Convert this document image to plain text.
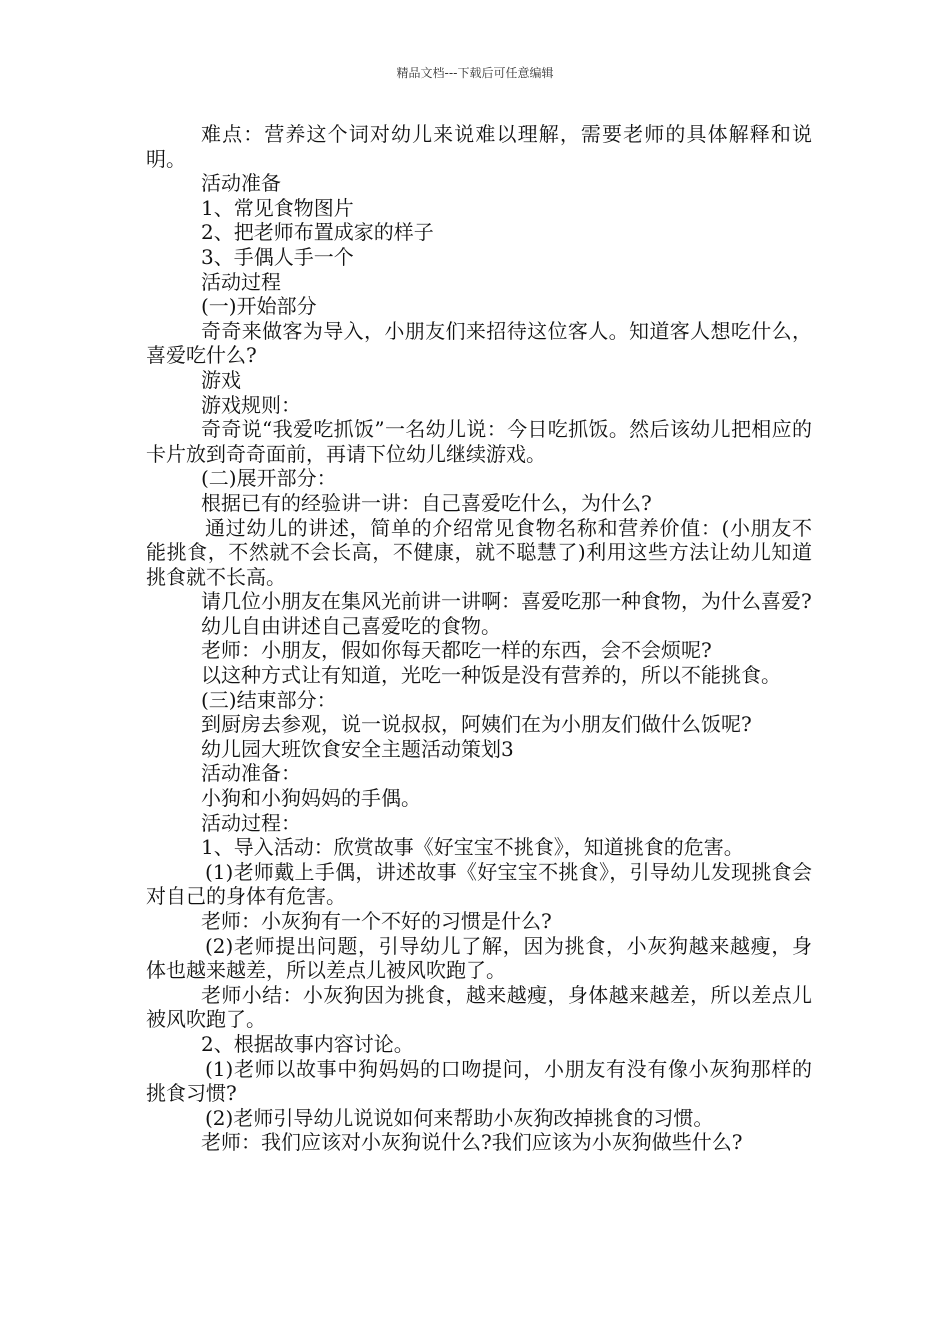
精品文档---下载后可任意编辑

难点：营养这个词对幼儿来说难以理解，需要老师的具体解释和说明。

活动准备

1、常见食物图片

2、把老师布置成家的样子

3、手偶人手一个

活动过程

(一)开始部分

奇奇来做客为导入，小朋友们来招待这位客人。知道客人想吃什么，喜爱吃什么?

游戏

游戏规则：

奇奇说“我爱吃抓饭”一名幼儿说：今日吃抓饭。然后该幼儿把相应的卡片放到奇奇面前，再请下位幼儿继续游戏。

(二)展开部分：

根据已有的经验讲一讲：自己喜爱吃什么，为什么?

通过幼儿的讲述，简单的介绍常见食物名称和营养价值：(小朋友不能挑食，不然就不会长高，不健康，就不聪慧了)利用这些方法让幼儿知道挑食就不长高。

请几位小朋友在集风光前讲一讲啊：喜爱吃那一种食物，为什么喜爱?

幼儿自由讲述自己喜爱吃的食物。

老师：小朋友，假如你每天都吃一样的东西，会不会烦呢?

以这种方式让有知道，光吃一种饭是没有营养的，所以不能挑食。

(三)结束部分：

到厨房去参观，说一说叔叔，阿姨们在为小朋友们做什么饭呢?

幼儿园大班饮食安全主题活动策划3

活动准备：

小狗和小狗妈妈的手偶。

活动过程：

1、导入活动：欣赏故事《好宝宝不挑食》，知道挑食的危害。

(1)老师戴上手偶，讲述故事《好宝宝不挑食》，引导幼儿发现挑食会对自己的身体有危害。

老师：小灰狗有一个不好的习惯是什么?

(2)老师提出问题，引导幼儿了解，因为挑食，小灰狗越来越瘦，身体也越来越差，所以差点儿被风吹跑了。

老师小结：小灰狗因为挑食，越来越瘦，身体越来越差，所以差点儿被风吹跑了。

2、根据故事内容讨论。

(1)老师以故事中狗妈妈的口吻提问，小朋友有没有像小灰狗那样的挑食习惯?

(2)老师引导幼儿说说如何来帮助小灰狗改掉挑食的习惯。

老师：我们应该对小灰狗说什么?我们应该为小灰狗做些什么?
